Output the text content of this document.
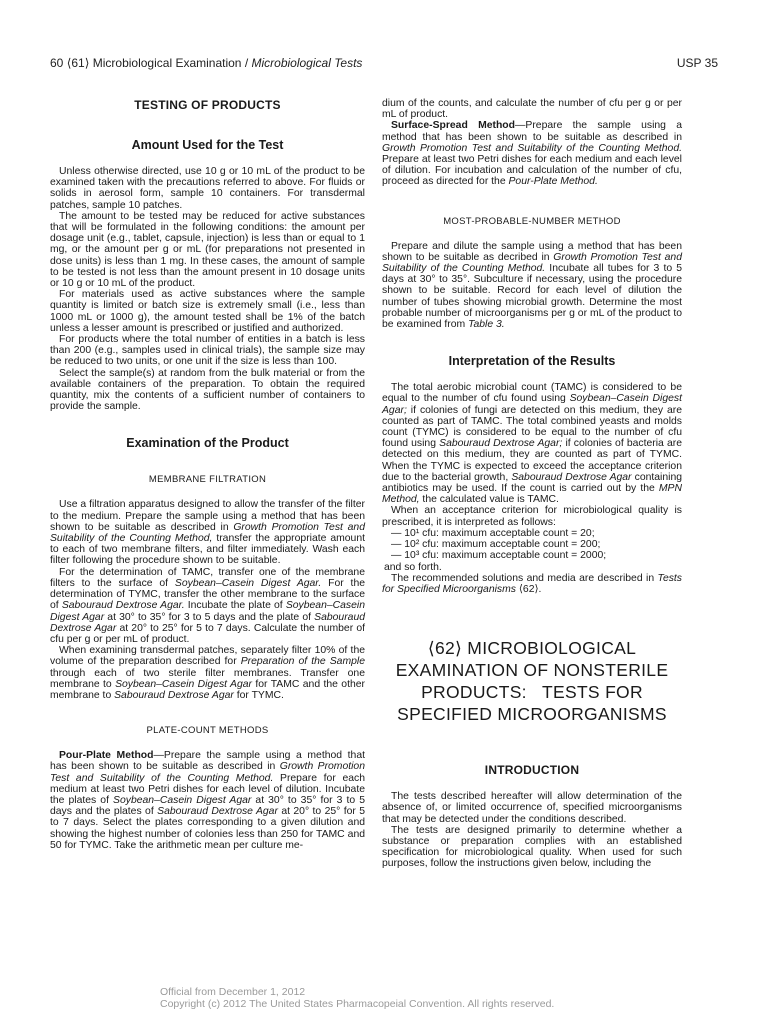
60 ⟨61⟩ Microbiological Examination / Microbiological Tests	USP 35

TESTING OF PRODUCTS

Amount Used for the Test

Unless otherwise directed, use 10 g or 10 mL of the product to be examined taken with the precautions referred to above. For fluids or solids in aerosol form, sample 10 containers. For transdermal patches, sample 10 patches.

The amount to be tested may be reduced for active substances that will be formulated in the following conditions: the amount per dosage unit (e.g., tablet, capsule, injection) is less than or equal to 1 mg, or the amount per g or mL (for preparations not presented in dose units) is less than 1 mg. In these cases, the amount of sample to be tested is not less than the amount present in 10 dosage units or 10 g or 10 mL of the product.

For materials used as active substances where the sample quantity is limited or batch size is extremely small (i.e., less than 1000 mL or 1000 g), the amount tested shall be 1% of the batch unless a lesser amount is prescribed or justified and authorized.

For products where the total number of entities in a batch is less than 200 (e.g., samples used in clinical trials), the sample size may be reduced to two units, or one unit if the size is less than 100.

Select the sample(s) at random from the bulk material or from the available containers of the preparation. To obtain the required quantity, mix the contents of a sufficient number of containers to provide the sample.

Examination of the Product

MEMBRANE FILTRATION

Use a filtration apparatus designed to allow the transfer of the filter to the medium. Prepare the sample using a method that has been shown to be suitable as described in Growth Promotion Test and Suitability of the Counting Method, transfer the appropriate amount to each of two membrane filters, and filter immediately. Wash each filter following the procedure shown to be suitable.

For the determination of TAMC, transfer one of the membrane filters to the surface of Soybean–Casein Digest Agar. For the determination of TYMC, transfer the other membrane to the surface of Sabouraud Dextrose Agar. Incubate the plate of Soybean–Casein Digest Agar at 30° to 35° for 3 to 5 days and the plate of Sabouraud Dextrose Agar at 20° to 25° for 5 to 7 days. Calculate the number of cfu per g or per mL of product.

When examining transdermal patches, separately filter 10% of the volume of the preparation described for Preparation of the Sample through each of two sterile filter membranes. Transfer one membrane to Soybean–Casein Digest Agar for TAMC and the other membrane to Sabouraud Dextrose Agar for TYMC.

PLATE-COUNT METHODS

Pour-Plate Method—Prepare the sample using a method that has been shown to be suitable as described in Growth Promotion Test and Suitability of the Counting Method. Prepare for each medium at least two Petri dishes for each level of dilution. Incubate the plates of Soybean–Casein Digest Agar at 30° to 35° for 3 to 5 days and the plates of Sabouraud Dextrose Agar at 20° to 25° for 5 to 7 days. Select the plates corresponding to a given dilution and showing the highest number of colonies less than 250 for TAMC and 50 for TYMC. Take the arithmetic mean per culture me-

dium of the counts, and calculate the number of cfu per g or per mL of product.

Surface-Spread Method—Prepare the sample using a method that has been shown to be suitable as described in Growth Promotion Test and Suitability of the Counting Method. Prepare at least two Petri dishes for each medium and each level of dilution. For incubation and calculation of the number of cfu, proceed as directed for the Pour-Plate Method.

MOST-PROBABLE-NUMBER METHOD

Prepare and dilute the sample using a method that has been shown to be suitable as decribed in Growth Promotion Test and Suitability of the Counting Method. Incubate all tubes for 3 to 5 days at 30° to 35°. Subculture if necessary, using the procedure shown to be suitable. Record for each level of dilution the number of tubes showing microbial growth. Determine the most probable number of microorganisms per g or mL of the product to be examined from Table 3.

Interpretation of the Results

The total aerobic microbial count (TAMC) is considered to be equal to the number of cfu found using Soybean–Casein Digest Agar; if colonies of fungi are detected on this medium, they are counted as part of TAMC. The total combined yeasts and molds count (TYMC) is considered to be equal to the number of cfu found using Sabouraud Dextrose Agar; if colonies of bacteria are detected on this medium, they are counted as part of TYMC. When the TYMC is expected to exceed the acceptance criterion due to the bacterial growth, Sabouraud Dextrose Agar containing antibiotics may be used. If the count is carried out by the MPN Method, the calculated value is TAMC.

When an acceptance criterion for microbiological quality is prescribed, it is interpreted as follows:

— 10¹ cfu: maximum acceptable count = 20;

— 10² cfu: maximum acceptable count = 200;

— 10³ cfu: maximum acceptable count = 2000;

and so forth.

The recommended solutions and media are described in Tests for Specified Microorganisms ⟨62⟩.

⟨62⟩ MICROBIOLOGICAL

EXAMINATION OF NONSTERILE

PRODUCTS:   TESTS FOR

SPECIFIED MICROORGANISMS

INTRODUCTION

The tests described hereafter will allow determination of the absence of, or limited occurrence of, specified microorganisms that may be detected under the conditions described.

The tests are designed primarily to determine whether a substance or preparation complies with an established specification for microbiological quality. When used for such purposes, follow the instructions given below, including the

Official from December 1, 2012
Copyright (c) 2012 The United States Pharmacopeial Convention. All rights reserved.
